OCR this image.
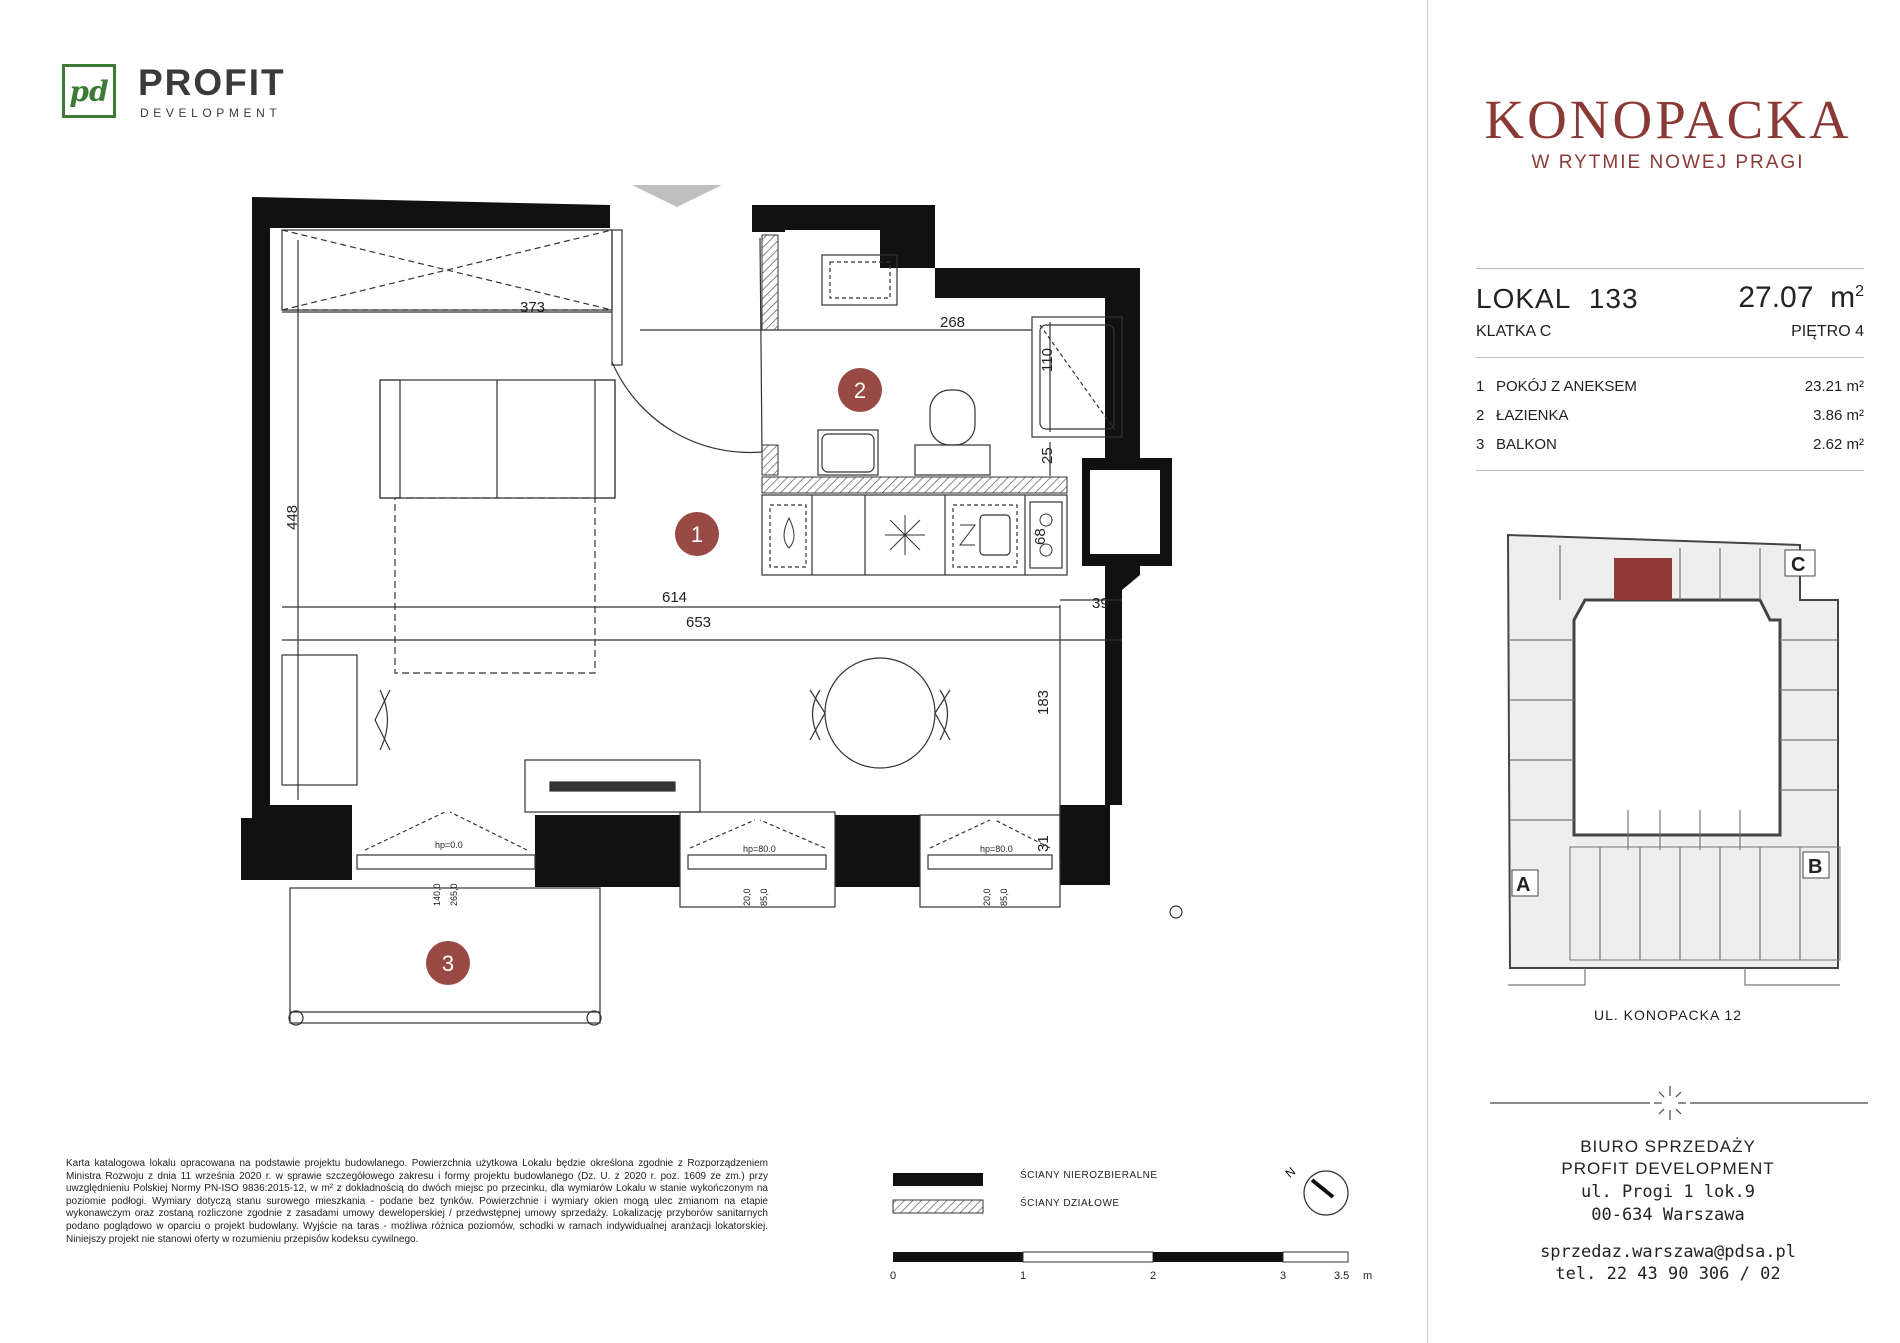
2
1
3
373
268
110
25
448
614
653
39
183
31
68
hp=0.0	hp=80.0	hp=80.0
140,0 265,0	20,0 85,0	20,0 85,0
C
A
B
N
pd PROFIT
DEVELOPMENT	KONOPACKA
W RYTMIE NOWEJ PRAGI
LOKAL 133	27.07 $m^2$
KLATKA C	PIĘTRO 4
1 POKÓJ Z ANEKSEM	23.21 m²
2 ŁAZIENKA	3.86 m²
3 BALKON	2.62 m²
UL. KONOPACKA 12
BIURO SPRZEDAŻY
PROFIT DEVELOPMENT
ul. Progi 1 lok.9
00-634 Warszawa
sprzedaz.warszawa@pdsa.pl
tel. 22 43 90 306 / 02
Karta katalogowa lokalu opracowana na podstawie projektu budowlanego. Powierzchnia użytkowa Lokalu będzie określona zgodnie z Rozporządzeniem Ministra Rozwoju z dnia 11 września 2020 r. w sprawie szczegółowego zakresu i formy projektu budowlanego (Dz. U. z 2020 r. poz. 1609 ze zm.) przy uwzględnieniu Polskiej Normy PN-ISO 9836:2015-12, w m² z dokładnością do dwóch miejsc po przecinku, dla wymiarów Lokalu w stanie wykończonym na poziomie podłogi. Wymiary dotyczą stanu surowego mieszkania - podane bez tynków. Powierzchnie i wymiary okien mogą ulec zmianom na etapie wykonawczym oraz zostaną rozliczone zgodnie z zasadami umowy deweloperskiej / przedwstępnej umowy sprzedaży. Lokalizację przyborów sanitarnych podano poglądowo w oparciu o projekt budowlany. Wyjście na taras - możliwa różnica poziomów, schodki w ramach indywidualnej aranżacji lokatorskiej. Niniejszy projekt nie stanowi oferty w rozumieniu przepisów kodeksu cywilnego.
ŚCIANY NIEROZBIERALNE
ŚCIANY DZIAŁOWE
0	1	2	3	3.5 m
